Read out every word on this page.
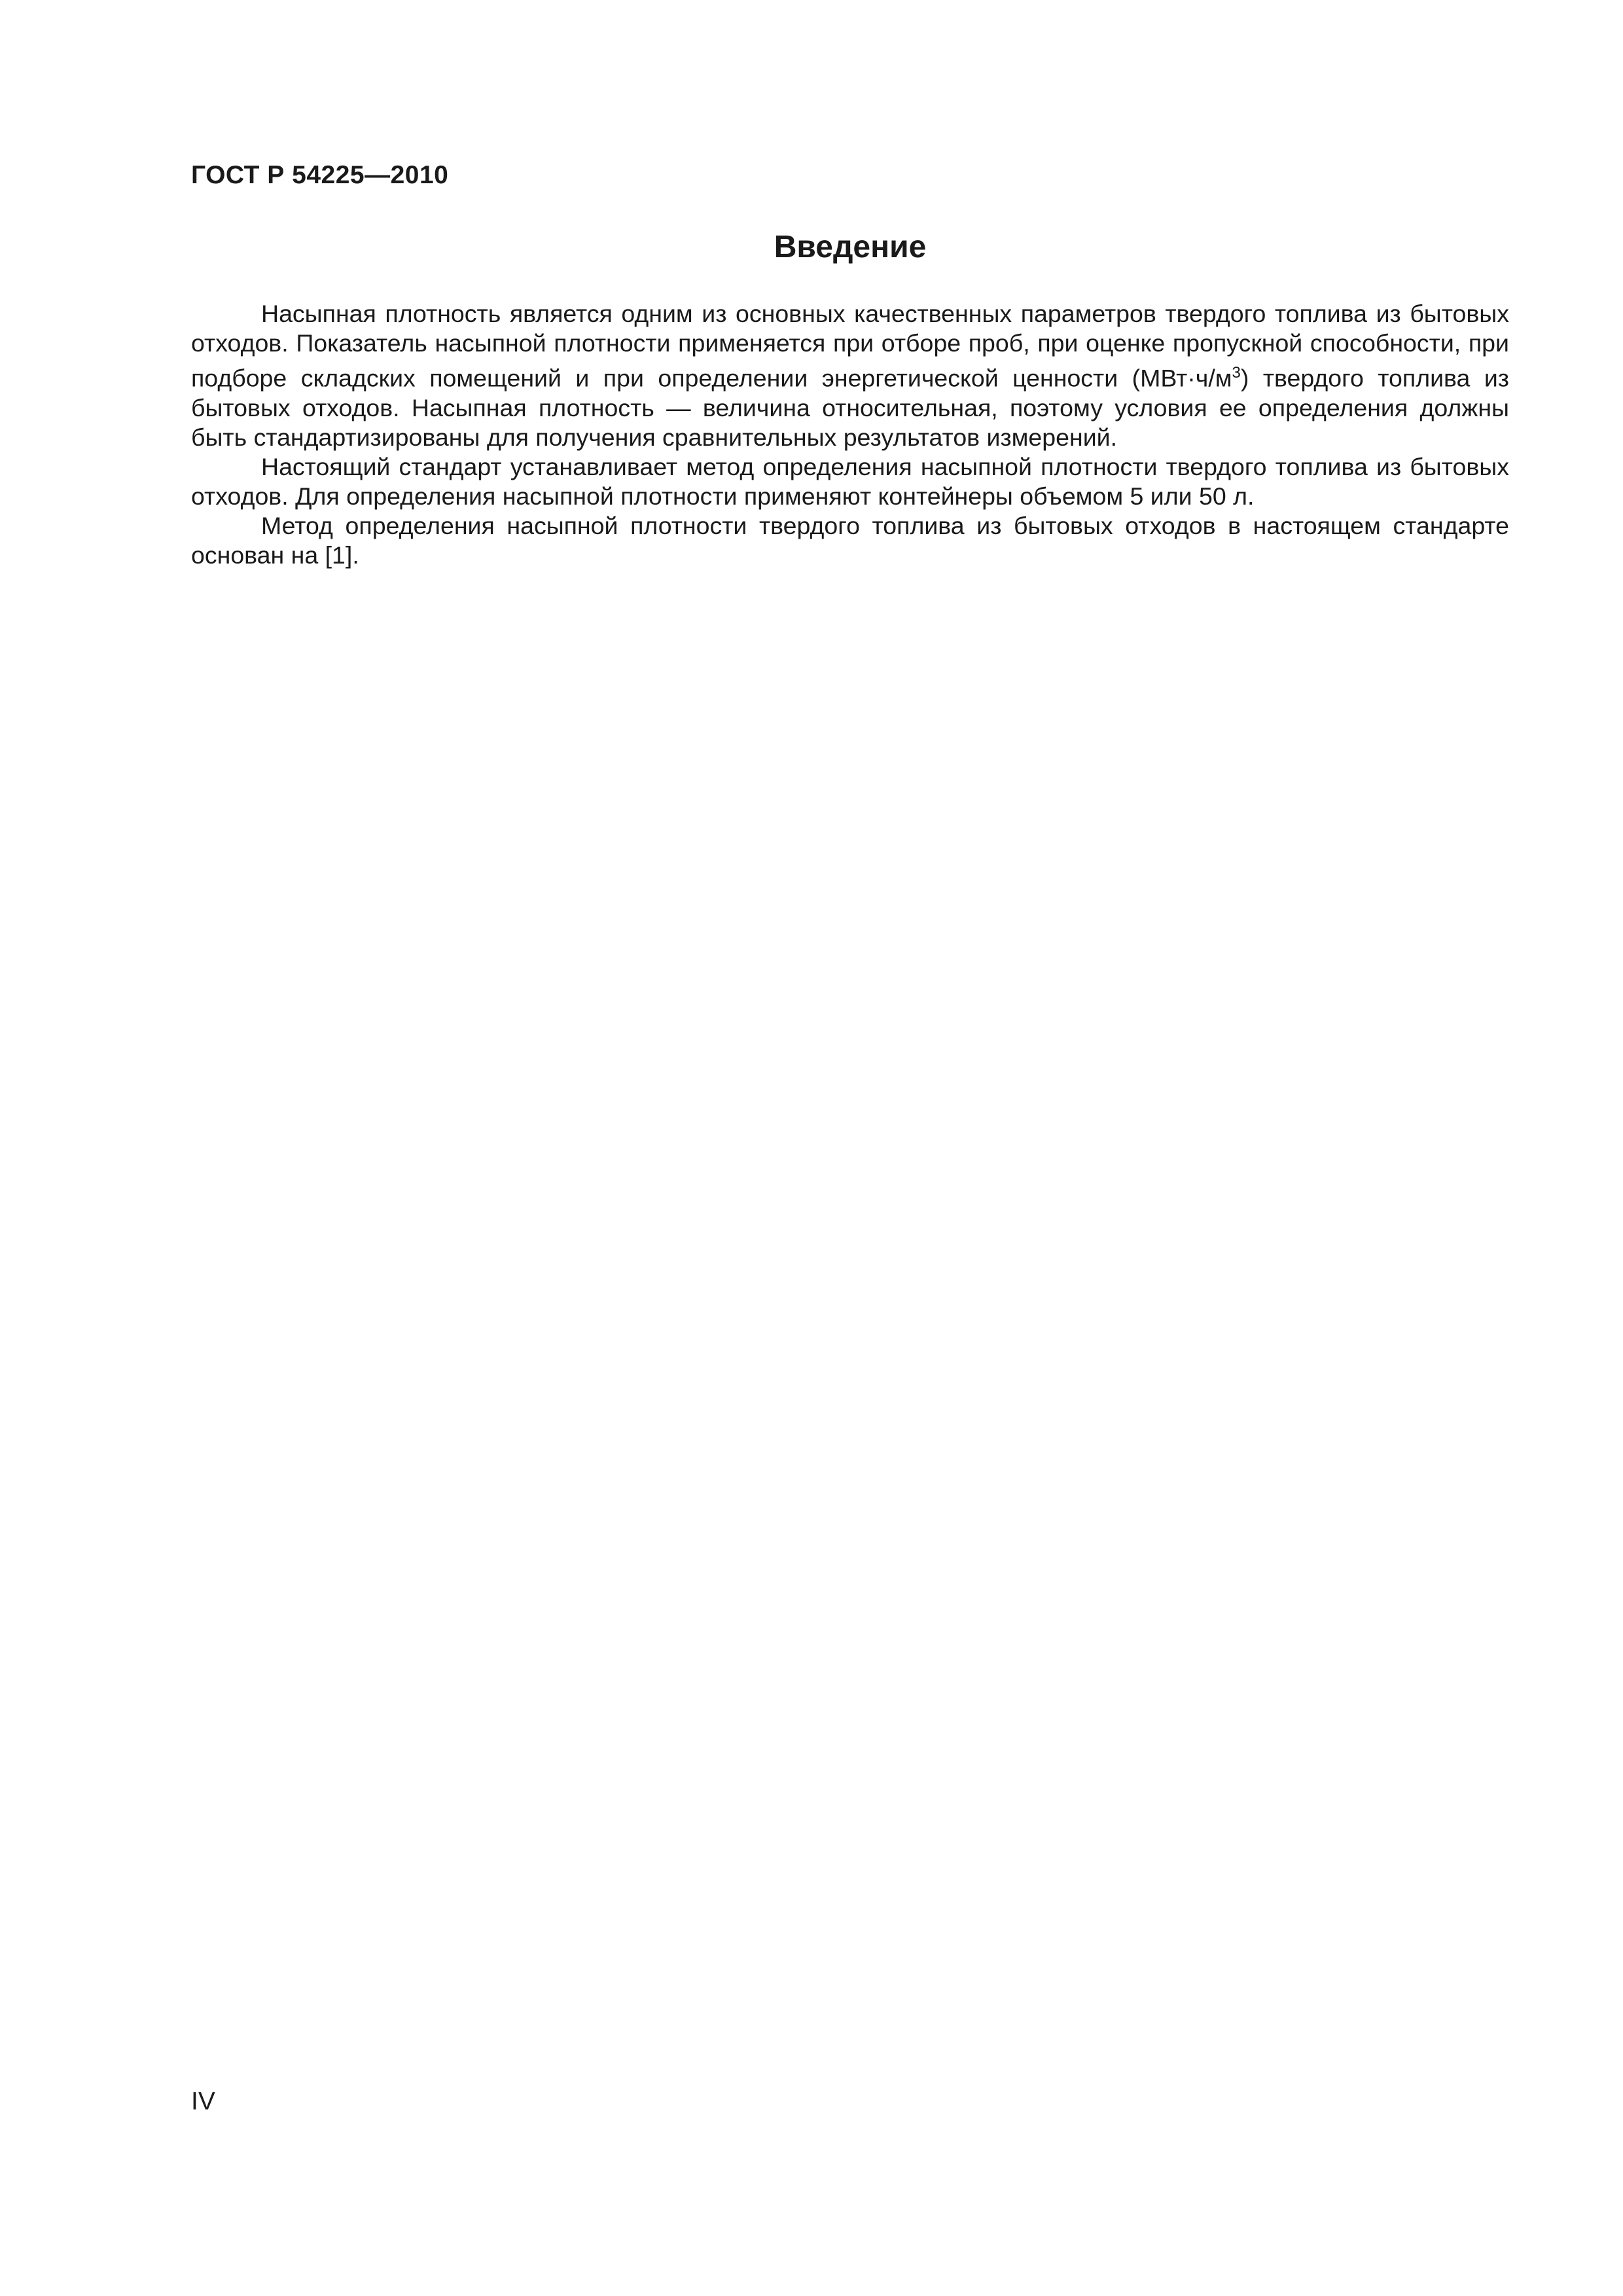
ГОСТ Р 54225—2010

Введение

Насыпная плотность является одним из основных качественных параметров твердого топлива из бытовых отходов. Показатель насыпной плотности применяется при отборе проб, при оценке пропускной способности, при подборе складских помещений и при определении энергетической ценности $(МВт\cdot ч/м^3)$ твердого топлива из бытовых отходов. Насыпная плотность — величина относительная, поэтому условия ее определения должны быть стандартизированы для получения сравнительных результатов измерений.

Настоящий стандарт устанавливает метод определения насыпной плотности твердого топлива из бытовых отходов. Для определения насыпной плотности применяют контейнеры объемом 5 или 50 л.

Метод определения насыпной плотности твердого топлива из бытовых отходов в настоящем стандарте основан на [1].

IV
